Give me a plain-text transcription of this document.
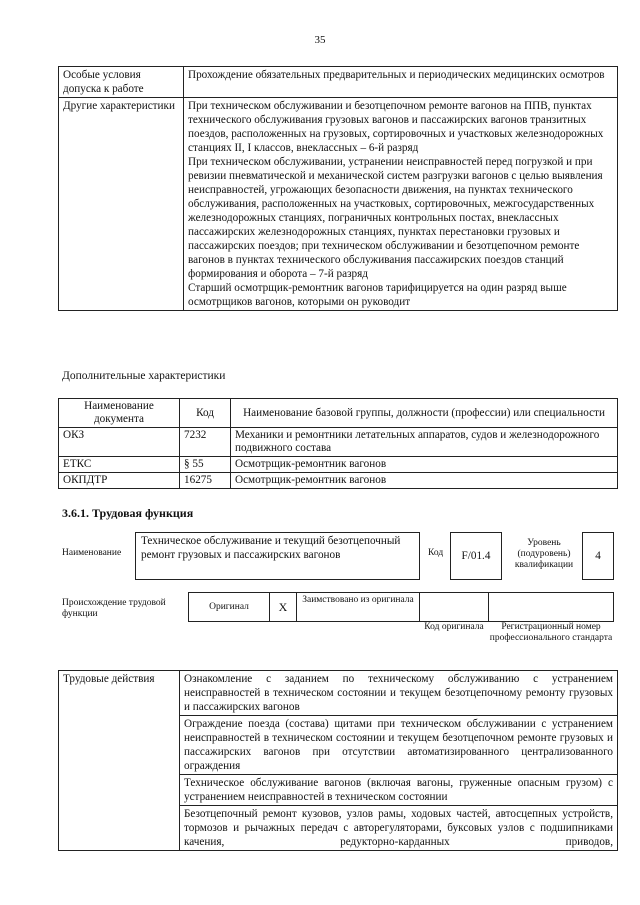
35
Особые условия допуска к работе	Прохождение обязательных предварительных и периодических медицинских осмотров

Другие характеристики	При техническом обслуживании и безотцепочном ремонте вагонов на ППВ, пунктах технического обслуживания грузовых вагонов и пассажирских вагонов транзитных поездов, расположенных на грузовых, сортировочных и участковых железнодорожных станциях II, I классов, внеклассных – 6-й разряд
При техническом обслуживании, устранении неисправностей перед погрузкой и при ревизии пневматической и механической систем разгрузки вагонов с целью выявления неисправностей, угрожающих безопасности движения, на пунктах технического обслуживания, расположенных на участковых, сортировочных, межгосударственных железнодорожных станциях, пограничных контрольных постах, внеклассных пассажирских железнодорожных станциях, пунктах перестановки грузовых и пассажирских поездов; при техническом обслуживании и безотцепочном ремонте вагонов в пунктах технического обслуживания пассажирских поездов станций формирования и оборота – 7-й разряд
Старший осмотрщик-ремонтник вагонов тарифицируется на один разряд выше осмотрщиков вагонов, которыми он руководит
Дополнительные характеристики
Наименование документа	Код	Наименование базовой группы, должности (профессии) или специальности
ОКЗ	7232	Механики и ремонтники летательных аппаратов, судов и железнодорожного подвижного состава
ЕТКС	§ 55	Осмотрщик-ремонтник вагонов
ОКПДТР	16275	Осмотрщик-ремонтник вагонов
3.6.1. Трудовая функция
Наименование
Техническое обслуживание и текущий безотцепочный ремонт грузовых и пассажирских вагонов	Код	F/01.4
Уровень (подуровень) квалификации
4
Происхождение трудовой функции
Оригинал	X	Заимствовано из оригинала
Код оригинала	Регистрационный номер профессионального стандарта
Трудовые действия	Ознакомление с заданием по техническому обслуживанию с устранением неисправностей в техническом состоянии и текущем безотцепочному ремонту грузовых и пассажирских вагонов
Ограждение поезда (состава) щитами при техническом обслуживании с устранением неисправностей в техническом состоянии и текущем безотцепочном ремонте грузовых и пассажирских вагонов при отсутствии автоматизированного централизованного ограждения
Техническое обслуживание вагонов (включая вагоны, груженные опасным грузом) с устранением неисправностей в техническом состоянии
Безотцепочный ремонт кузовов, узлов рамы, ходовых частей, автосцепных устройств, тормозов и рычажных передач с авторегуляторами, буксовых узлов с подшипниками качения, редукторно-карданных приводов,
